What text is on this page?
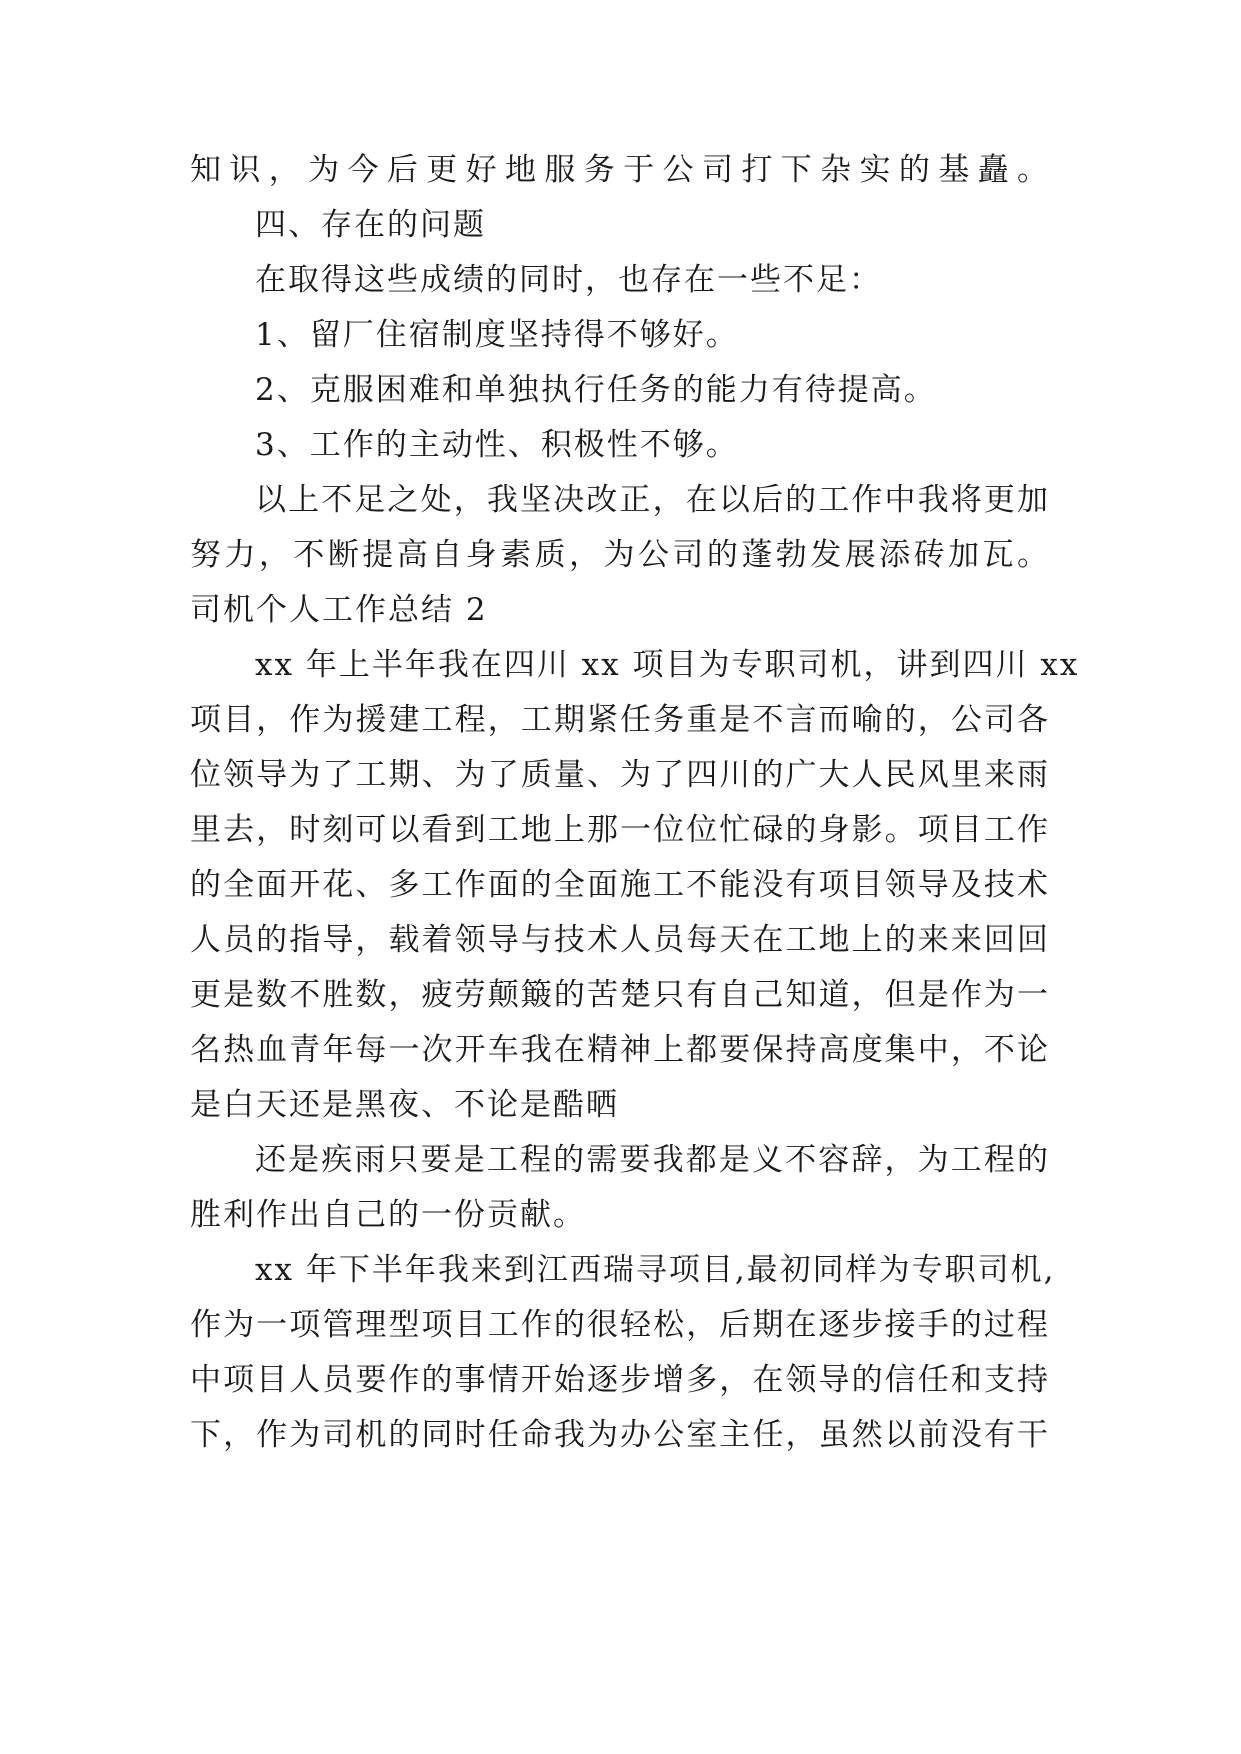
知识，为今后更好地服务于公司打下杂实的基矗。
四、存在的问题
在取得这些成绩的同时，也存在一些不足：
1、留厂住宿制度坚持得不够好。
2、克服困难和单独执行任务的能力有待提高。
3、工作的主动性、积极性不够。
以上不足之处，我坚决改正，在以后的工作中我将更加
努力，不断提高自身素质，为公司的蓬勃发展添砖加瓦。
司机个人工作总结 2
xx 年上半年我在四川 xx 项目为专职司机，讲到四川 xx
项目，作为援建工程，工期紧任务重是不言而喻的，公司各
位领导为了工期、为了质量、为了四川的广大人民风里来雨
里去，时刻可以看到工地上那一位位忙碌的身影。项目工作
的全面开花、多工作面的全面施工不能没有项目领导及技术
人员的指导，载着领导与技术人员每天在工地上的来来回回
更是数不胜数，疲劳颠簸的苦楚只有自己知道，但是作为一
名热血青年每一次开车我在精神上都要保持高度集中，不论
是白天还是黑夜、不论是酷晒
还是疾雨只要是工程的需要我都是义不容辞，为工程的
胜利作出自己的一份贡献。
xx 年下半年我来到江西瑞寻项目,最初同样为专职司机,
作为一项管理型项目工作的很轻松，后期在逐步接手的过程
中项目人员要作的事情开始逐步增多，在领导的信任和支持
下，作为司机的同时任命我为办公室主任，虽然以前没有干
